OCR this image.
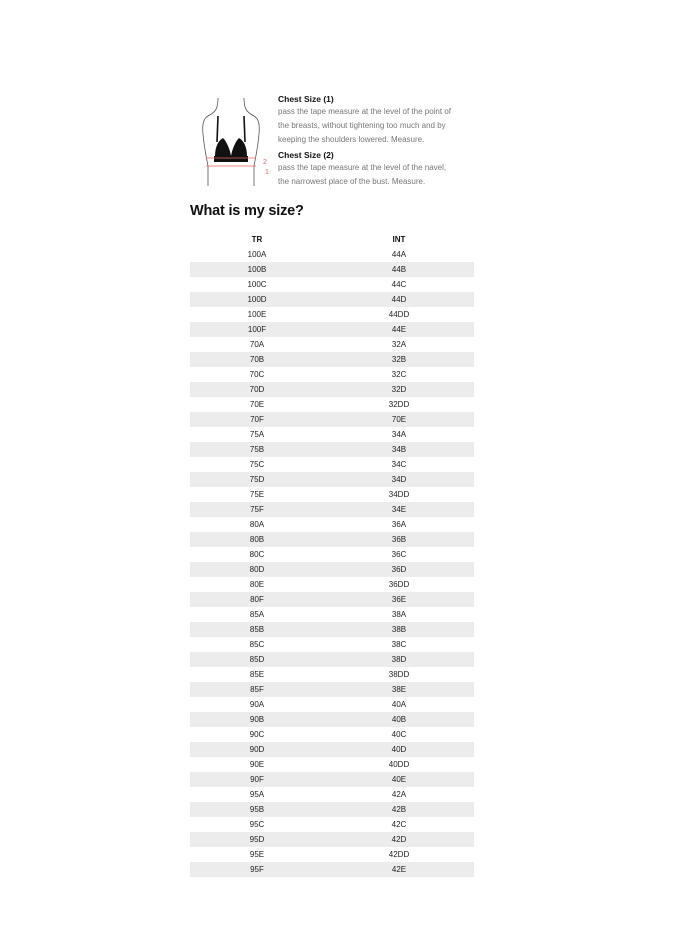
2
1

Chest Size (1)

pass the tape measure at the level of the point of

the breasts, without tightening too much and by

keeping the shoulders lowered. Measure.

Chest Size (2)

pass the tape measure at the level of the navel,

the narrowest place of the bust. Measure.

What is my size?
TR	INT
100A	44A
100B	44B
100C	44C
100D	44D
100E	44DD
100F	44E
70A	32A
70B	32B
70C	32C
70D	32D
70E	32DD
70F	70E
75A	34A
75B	34B
75C	34C
75D	34D
75E	34DD
75F	34E
80A	36A
80B	36B
80C	36C
80D	36D
80E	36DD
80F	36E
85A	38A
85B	38B
85C	38C
85D	38D
85E	38DD
85F	38E
90A	40A
90B	40B
90C	40C
90D	40D
90E	40DD
90F	40E
95A	42A
95B	42B
95C	42C
95D	42D
95E	42DD
95F	42E
